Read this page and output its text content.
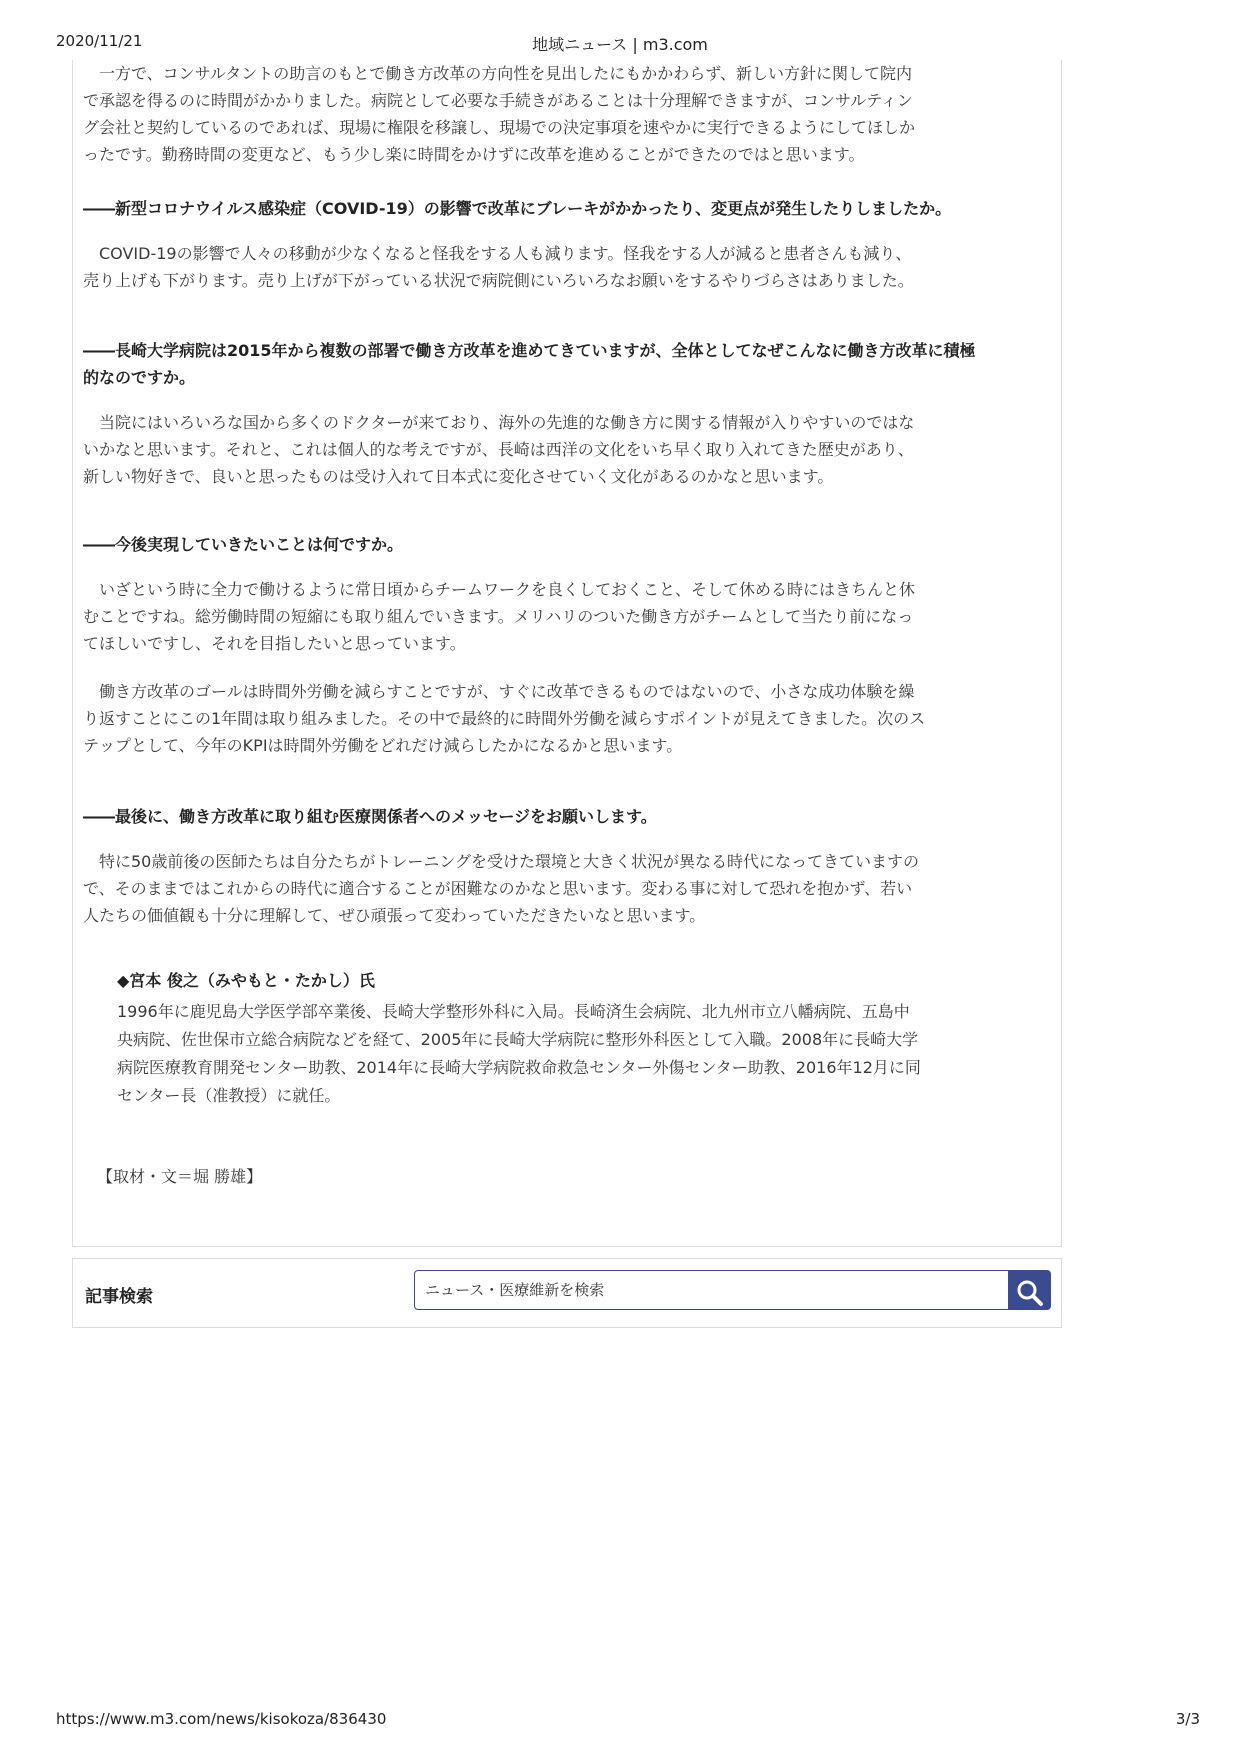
2020/11/21	地域ニュース | m3.com

　一方で、コンサルタントの助言のもとで働き方改革の方向性を見出したにもかかわらず、新しい方針に関して院内

で承認を得るのに時間がかかりました。病院として必要な手続きがあることは十分理解できますが、コンサルティン

グ会社と契約しているのであれば、現場に権限を移譲し、現場での決定事項を速やかに実行できるようにしてほしか

ったです。勤務時間の変更など、もう少し楽に時間をかけずに改革を進めることができたのではと思います。

――新型コロナウイルス感染症（COVID-19）の影響で改革にブレーキがかかったり、変更点が発生したりしましたか。

　COVID-19の影響で人々の移動が少なくなると怪我をする人も減ります。怪我をする人が減ると患者さんも減り、

売り上げも下がります。売り上げが下がっている状況で病院側にいろいろなお願いをするやりづらさはありました。

――長崎大学病院は2015年から複数の部署で働き方改革を進めてきていますが、全体としてなぜこんなに働き方改革に積極

的なのですか。

　当院にはいろいろな国から多くのドクターが来ており、海外の先進的な働き方に関する情報が入りやすいのではな

いかなと思います。それと、これは個人的な考えですが、長崎は西洋の文化をいち早く取り入れてきた歴史があり、

新しい物好きで、良いと思ったものは受け入れて日本式に変化させていく文化があるのかなと思います。

――今後実現していきたいことは何ですか。

　いざという時に全力で働けるように常日頃からチームワークを良くしておくこと、そして休める時にはきちんと休

むことですね。総労働時間の短縮にも取り組んでいきます。メリハリのついた働き方がチームとして当たり前になっ

てほしいですし、それを目指したいと思っています。

　働き方改革のゴールは時間外労働を減らすことですが、すぐに改革できるものではないので、小さな成功体験を繰

り返すことにこの1年間は取り組みました。その中で最終的に時間外労働を減らすポイントが見えてきました。次のス

テップとして、今年のKPIは時間外労働をどれだけ減らしたかになるかと思います。

――最後に、働き方改革に取り組む医療関係者へのメッセージをお願いします。

　特に50歳前後の医師たちは自分たちがトレーニングを受けた環境と大きく状況が異なる時代になってきていますの

で、そのままではこれからの時代に適合することが困難なのかなと思います。変わる事に対して恐れを抱かず、若い

人たちの価値観も十分に理解して、ぜひ頑張って変わっていただきたいなと思います。

◆宮本 俊之（みやもと・たかし）氏

1996年に鹿児島大学医学部卒業後、長崎大学整形外科に入局。長崎済生会病院、北九州市立八幡病院、五島中

央病院、佐世保市立総合病院などを経て、2005年に長崎大学病院に整形外科医として入職。2008年に長崎大学

病院医療教育開発センター助教、2014年に長崎大学病院救命救急センター外傷センター助教、2016年12月に同

センター長（准教授）に就任。

【取材・文＝堀 勝雄】
記事検索
ニュース・医療維新を検索
https://www.m3.com/news/kisokoza/836430	3/3
